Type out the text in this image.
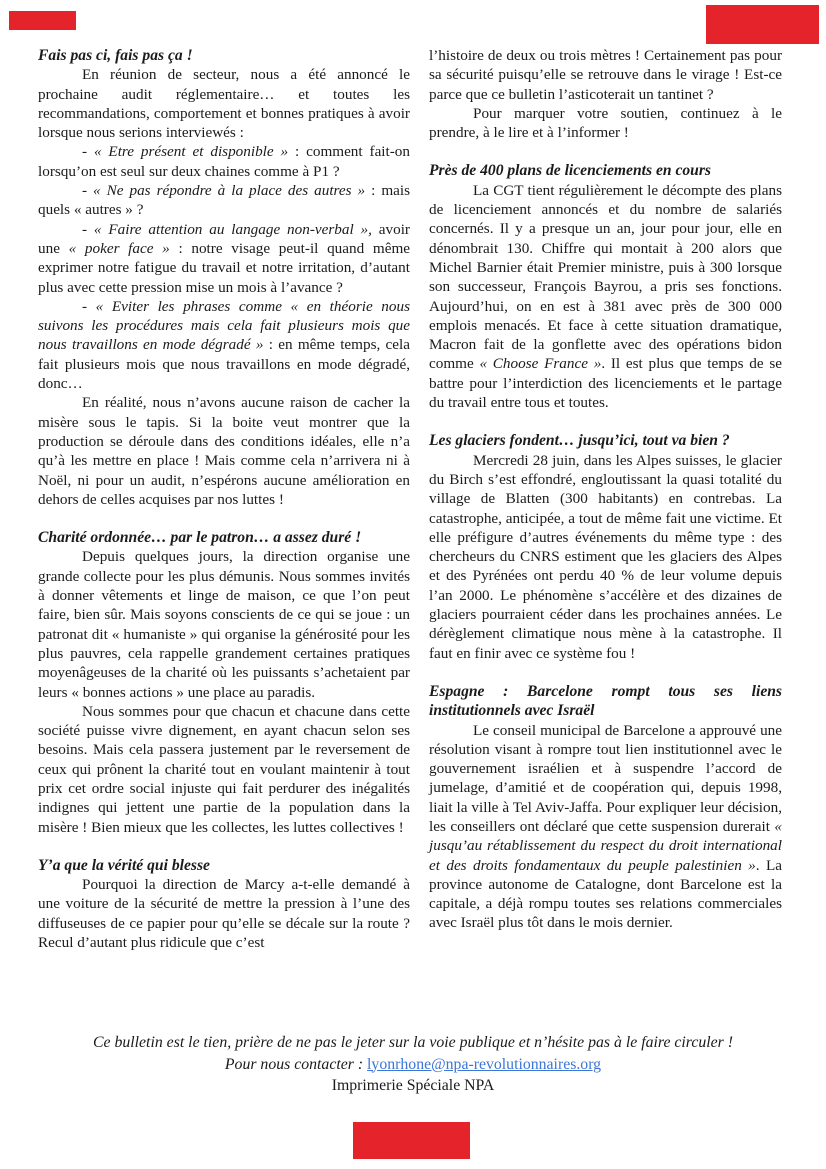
Fais pas ci, fais pas ça !

En réunion de secteur, nous a été annoncé le prochaine audit réglementaire… et toutes les recommandations, comportement et bonnes pratiques à avoir lorsque nous serions interviewés :

- « Etre présent et disponible » : comment fait-on lorsqu’on est seul sur deux chaines comme à P1 ?

- « Ne pas répondre à la place des autres » : mais quels « autres » ?

- « Faire attention au langage non-verbal », avoir une « poker face » : notre visage peut-il quand même exprimer notre fatigue du travail et notre irritation, d’autant plus avec cette pression mise un mois à l’avance ?

- « Eviter les phrases comme « en théorie nous suivons les procédures mais cela fait plusieurs mois que nous travaillons en mode dégradé » : en même temps, cela fait plusieurs mois que nous travaillons en mode dégradé, donc…

En réalité, nous n’avons aucune raison de cacher la misère sous le tapis. Si la boite veut montrer que la production se déroule dans des conditions idéales, elle n’a qu’à les mettre en place ! Mais comme cela n’arrivera ni à Noël, ni pour un audit, n’espérons aucune amélioration en dehors de celles acquises par nos luttes !

Charité ordonnée… par le patron… a assez duré !

Depuis quelques jours, la direction organise une grande collecte pour les plus démunis. Nous sommes invités à donner vêtements et linge de maison, ce que l’on peut faire, bien sûr. Mais soyons conscients de ce qui se joue : un patronat dit « humaniste » qui organise la générosité pour les plus pauvres, cela rappelle grandement certaines pratiques moyenâgeuses de la charité où les puissants s’achetaient par leurs « bonnes actions » une place au paradis.

Nous sommes pour que chacun et chacune dans cette société puisse vivre dignement, en ayant chacun selon ses besoins. Mais cela passera justement par le reversement de ceux qui prônent la charité tout en voulant maintenir à tout prix cet ordre social injuste qui fait perdurer des inégalités indignes qui jettent une partie de la population dans la misère ! Bien mieux que les collectes, les luttes collectives !

Y’a que la vérité qui blesse

Pourquoi la direction de Marcy a-t-elle demandé à une voiture de la sécurité de mettre la pression à l’une des diffuseuses de ce papier pour qu’elle se décale sur la route ? Recul d’autant plus ridicule que c’est

l’histoire de deux ou trois mètres ! Certainement pas pour sa sécurité puisqu’elle se retrouve dans le virage ! Est-ce parce que ce bulletin l’asticoterait un tantinet ?

Pour marquer votre soutien, continuez à le prendre, à le lire et à l’informer !

Près de 400 plans de licenciements en cours

La CGT tient régulièrement le décompte des plans de licenciement annoncés et du nombre de salariés concernés. Il y a presque un an, jour pour jour, elle en dénombrait 130. Chiffre qui montait à 200 alors que Michel Barnier était Premier ministre, puis à 300 lorsque son successeur, François Bayrou, a pris ses fonctions. Aujourd’hui, on en est à 381 avec près de 300 000 emplois menacés. Et face à cette situation dramatique, Macron fait de la gonflette avec des opérations bidon comme « Choose France ». Il est plus que temps de se battre pour l’interdiction des licenciements et le partage du travail entre tous et toutes.

Les glaciers fondent… jusqu’ici, tout va bien ?

Mercredi 28 juin, dans les Alpes suisses, le glacier du Birch s’est effondré, engloutissant la quasi totalité du village de Blatten (300 habitants) en contrebas. La catastrophe, anticipée, a tout de même fait une victime. Et elle préfigure d’autres événements du même type : des chercheurs du CNRS estiment que les glaciers des Alpes et des Pyrénées ont perdu 40 % de leur volume depuis l’an 2000. Le phénomène s’accélère et des dizaines de glaciers pourraient céder dans les prochaines années. Le dérèglement climatique nous mène à la catastrophe. Il faut en finir avec ce système fou !

Espagne : Barcelone rompt tous ses liens institutionnels avec Israël

Le conseil municipal de Barcelone a approuvé une résolution visant à rompre tout lien institutionnel avec le gouvernement israélien et à suspendre l’accord de jumelage, d’amitié et de coopération qui, depuis 1998, liait la ville à Tel Aviv-Jaffa. Pour expliquer leur décision, les conseillers ont déclaré que cette suspension durerait « jusqu’au rétablissement du respect du droit international et des droits fondamentaux du peuple palestinien ». La province autonome de Catalogne, dont Barcelone est la capitale, a déjà rompu toutes ses relations commerciales avec Israël plus tôt dans le mois dernier.

Ce bulletin est le tien, prière de ne pas le jeter sur la voie publique et n’hésite pas à le faire circuler !
Pour nous contacter : lyonrhone@npa-revolutionnaires.org
Imprimerie Spéciale NPA
